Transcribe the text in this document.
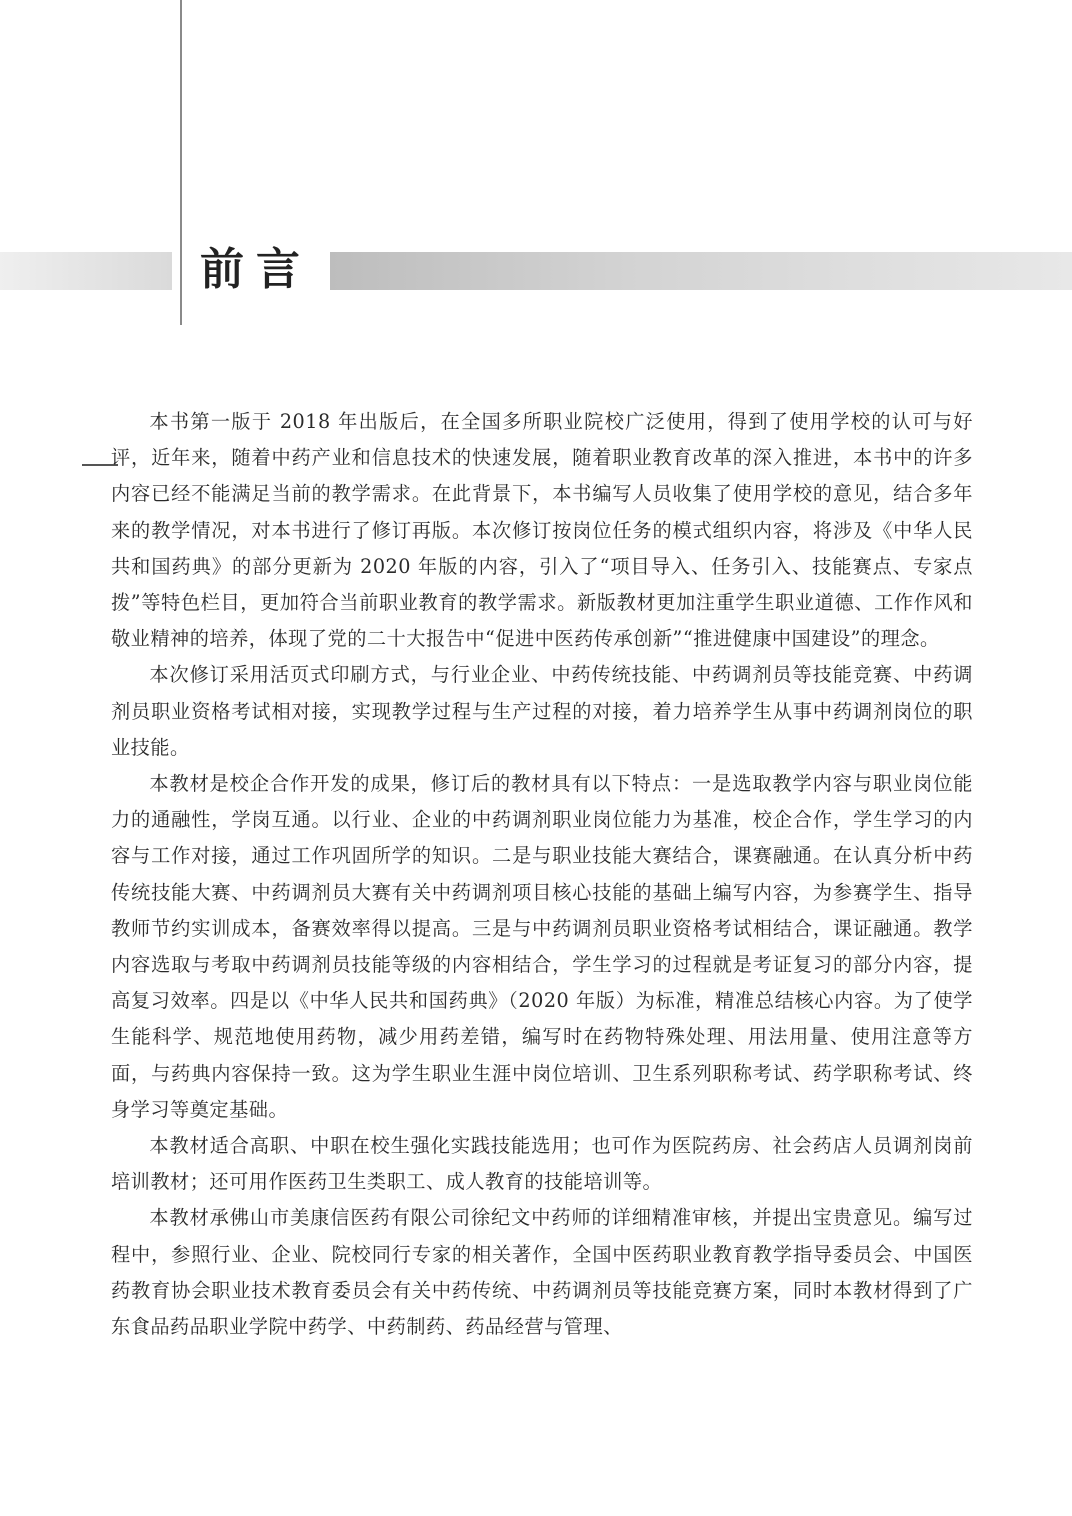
前言

本书第一版于 2018 年出版后，在全国多所职业院校广泛使用，得到了使用学校的认可与好评，近年来，随着中药产业和信息技术的快速发展，随着职业教育改革的深入推进，本书中的许多内容已经不能满足当前的教学需求。在此背景下，本书编写人员收集了使用学校的意见，结合多年来的教学情况，对本书进行了修订再版。本次修订按岗位任务的模式组织内容，将涉及《中华人民共和国药典》的部分更新为 2020 年版的内容，引入了“项目导入、任务引入、技能赛点、专家点拨”等特色栏目，更加符合当前职业教育的教学需求。新版教材更加注重学生职业道德、工作作风和敬业精神的培养，体现了党的二十大报告中“促进中医药传承创新”“推进健康中国建设”的理念。

本次修订采用活页式印刷方式，与行业企业、中药传统技能、中药调剂员等技能竞赛、中药调剂员职业资格考试相对接，实现教学过程与生产过程的对接，着力培养学生从事中药调剂岗位的职业技能。

本教材是校企合作开发的成果，修订后的教材具有以下特点：一是选取教学内容与职业岗位能力的通融性，学岗互通。以行业、企业的中药调剂职业岗位能力为基准，校企合作，学生学习的内容与工作对接，通过工作巩固所学的知识。二是与职业技能大赛结合，课赛融通。在认真分析中药传统技能大赛、中药调剂员大赛有关中药调剂项目核心技能的基础上编写内容，为参赛学生、指导教师节约实训成本，备赛效率得以提高。三是与中药调剂员职业资格考试相结合，课证融通。教学内容选取与考取中药调剂员技能等级的内容相结合，学生学习的过程就是考证复习的部分内容，提高复习效率。四是以《中华人民共和国药典》（2020 年版）为标准，精准总结核心内容。为了使学生能科学、规范地使用药物，减少用药差错，编写时在药物特殊处理、用法用量、使用注意等方面，与药典内容保持一致。这为学生职业生涯中岗位培训、卫生系列职称考试、药学职称考试、终身学习等奠定基础。

本教材适合高职、中职在校生强化实践技能选用；也可作为医院药房、社会药店人员调剂岗前培训教材；还可用作医药卫生类职工、成人教育的技能培训等。

本教材承佛山市美康信医药有限公司徐纪文中药师的详细精准审核，并提出宝贵意见。编写过程中，参照行业、企业、院校同行专家的相关著作，全国中医药职业教育教学指导委员会、中国医药教育协会职业技术教育委员会有关中药传统、中药调剂员等技能竞赛方案，同时本教材得到了广东食品药品职业学院中药学、中药制药、药品经营与管理、
